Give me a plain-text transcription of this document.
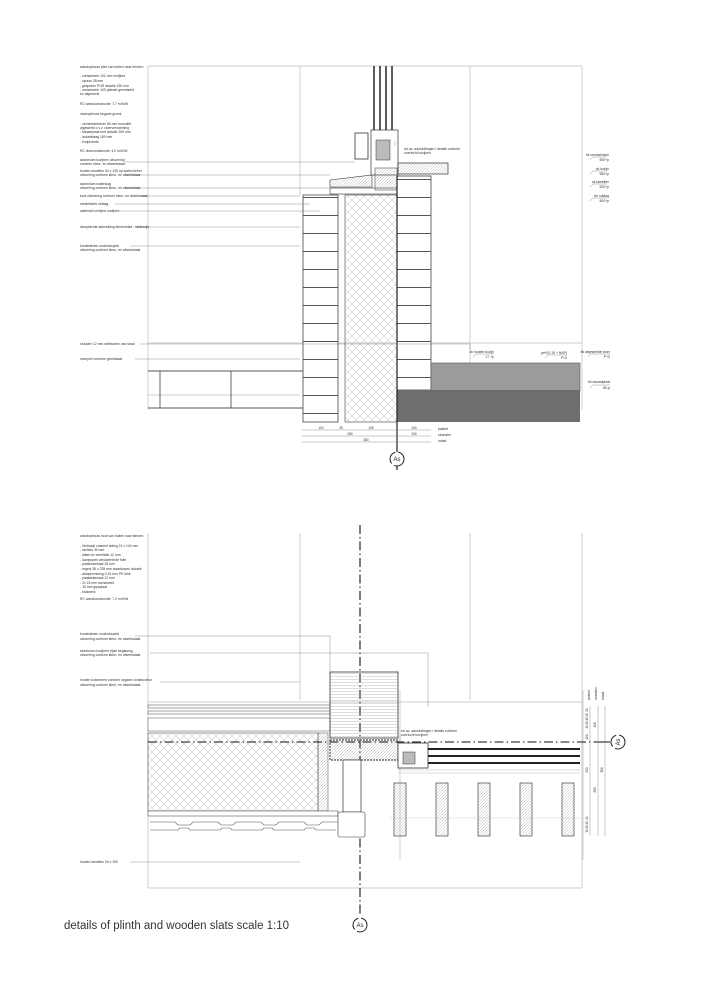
wandopbouw plint van buiten naar binnen:
- metselwerk 102 mm verlijmd
- spouw 28 mm
- gespoten PUR isolatie 150 mm
- metselwerk 100 plaksel gemetseld
en afgewerkt
RC wandconstructie: 7,7 m²K/W
vloeropbouw begane grond:
- cementdekvloer 80 mm monoliet
afgewerkt o.v.v. vloerverwarming
- kanaalplaat met isolatie 200 mm
- isolatielaag 150 mm
- kruipruimte
RC vloerconstructie: 4,0 m²K/W
aluminium kozijnen uitvoering
conform kleur- en afwerkstaat
houten lamellen 34 x 135 op stalen lieber
uitvoering conform kleur- en afwerkstaat
aluminium waterslag
uitvoering conform kleur- en afwerkstaat
kool uitvoering conform kleur- en afwerkstaat
metselwerk rollaag
waterslot verlijmd mallplex
dampdichte aansluiting binnenblad - stelkozijn
kunststenen onderdorpels
uitvoering conform kleur- en afwerkstaat
st.kader 12 mm stelbouten van staal
vloerpeil conform gevelstaat
tot op. aansluitingen / details conform
overzicht kozijnen	bk vensterbank
500+p
ok kozijn
550+p
ok lamellen
520+p
bk rollaag
500+p
ok houten kozijn
17 +p
peil (0,15 + NAP)
P=0
bk afgewerkte vloer
P+0
bk kanaalplaat
80-p
102	28	150	100
280	100
380
pakket
stramien
totaal
As
wandopbouw hout van buiten naar binnen:
- Verticaal channel siding 21 x 144 mm
- rachels 30 mm
- latten bv ventilatie 12 mm
- dampopen windwerende folie
- plaatmateriaal 18 mm
- regels 38 x 235 mm waartussen isolatie
- dampremming 0,15 mm PE-folie
- plaatmateriaal 12 mm
- 2x 15 mm rachelwerk
- 15 mm gipsplaat
- stukwerk
RC wandconstructie: 7,2 m²K/W
kunststenen onderdorpels
uitvoering conform kleur- en afwerkstaat
aluminium kozijnen triple beglazing
uitvoering conform kleur- en afwerkstaat
houten kolommen conform opgave constructeur
uitvoering conform kleur- en afwerkstaat
houten lamellen 34 x 150
tot op. aansluitingen / details conform
overzicht kozijnen
pakket stramien totaal
21
15
15
15
15
100
200
21
15
15
15
100
260
360
As
As
details of plinth and wooden slats scale 1:10
